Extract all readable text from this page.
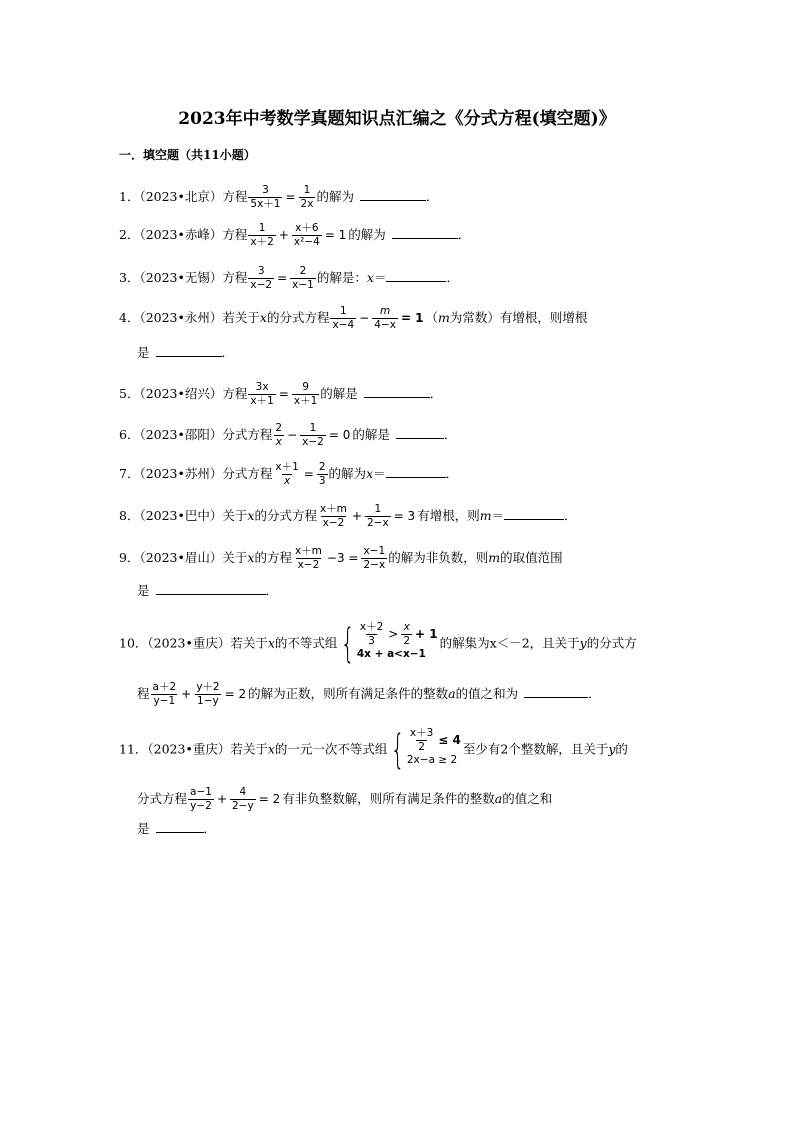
2023年中考数学真题知识点汇编之《分式方程(填空题)》
一．填空题（共11小题）
1．（2023•北京）方程 $\frac{3}{5x+1} = \frac{1}{2x}$ 的解为	．
2．（2023•赤峰）方程 $\frac{1}{x+2} + \frac{x+6}{\text{x²−4}} = 1$ 的解为	．
3．（2023•无锡）方程 $\frac{3}{x-2} = \frac{2}{x-1}$ 的解是：x＝	．
4．（2023•永州）若关于x的分式方程 $\frac{1}{x-4} - \frac{m}{4-x} = 1$ （m为常数）有增根，则增根
是	．
5．（2023•绍兴）方程 $\frac{3x}{x+1} = \frac{9}{x+1}$ 的解是	．
6．（2023•邵阳）分式方程 $\frac{2}{x} - \frac{1}{x-2} = 0$ 的解是	．
7．（2023•苏州）分式方程 $\frac{x+1}{x} = \frac{2}{3}$ 的解为x＝	．
8．（2023•巴中）关于x的分式方程 $\frac{x+m}{x-2} + \frac{1}{2-x} = 3$ 有增根，则m＝	．
9．（2023•眉山）关于x的方程 $\frac{x+m}{x-2} -3 = \frac{x-1}{2-x}$ 的解为非负数，则m的取值范围
是	．
10．（2023•重庆）若关于x的不等式组 { $\frac{x+2}{3} > \frac{x}{2} + 1$
4x + a<x−1
的解集为x＜－2，且关于y的分式方
程 $\frac{a+2}{y-1} + \frac{y+2}{1-y} = 2$ 的解为正数，则所有满足条件的整数a的值之和为	．
11．（2023•重庆）若关于x的一元一次不等式组 { $\frac{x+3}{2} \le 4$
2x−a ≥ 2
至少有2个整数解，且关于y的
分式方程 $\frac{a-1}{y-2} + \frac{4}{2-y} = 2$ 有非负整数解，则所有满足条件的整数a的值之和
是	．
